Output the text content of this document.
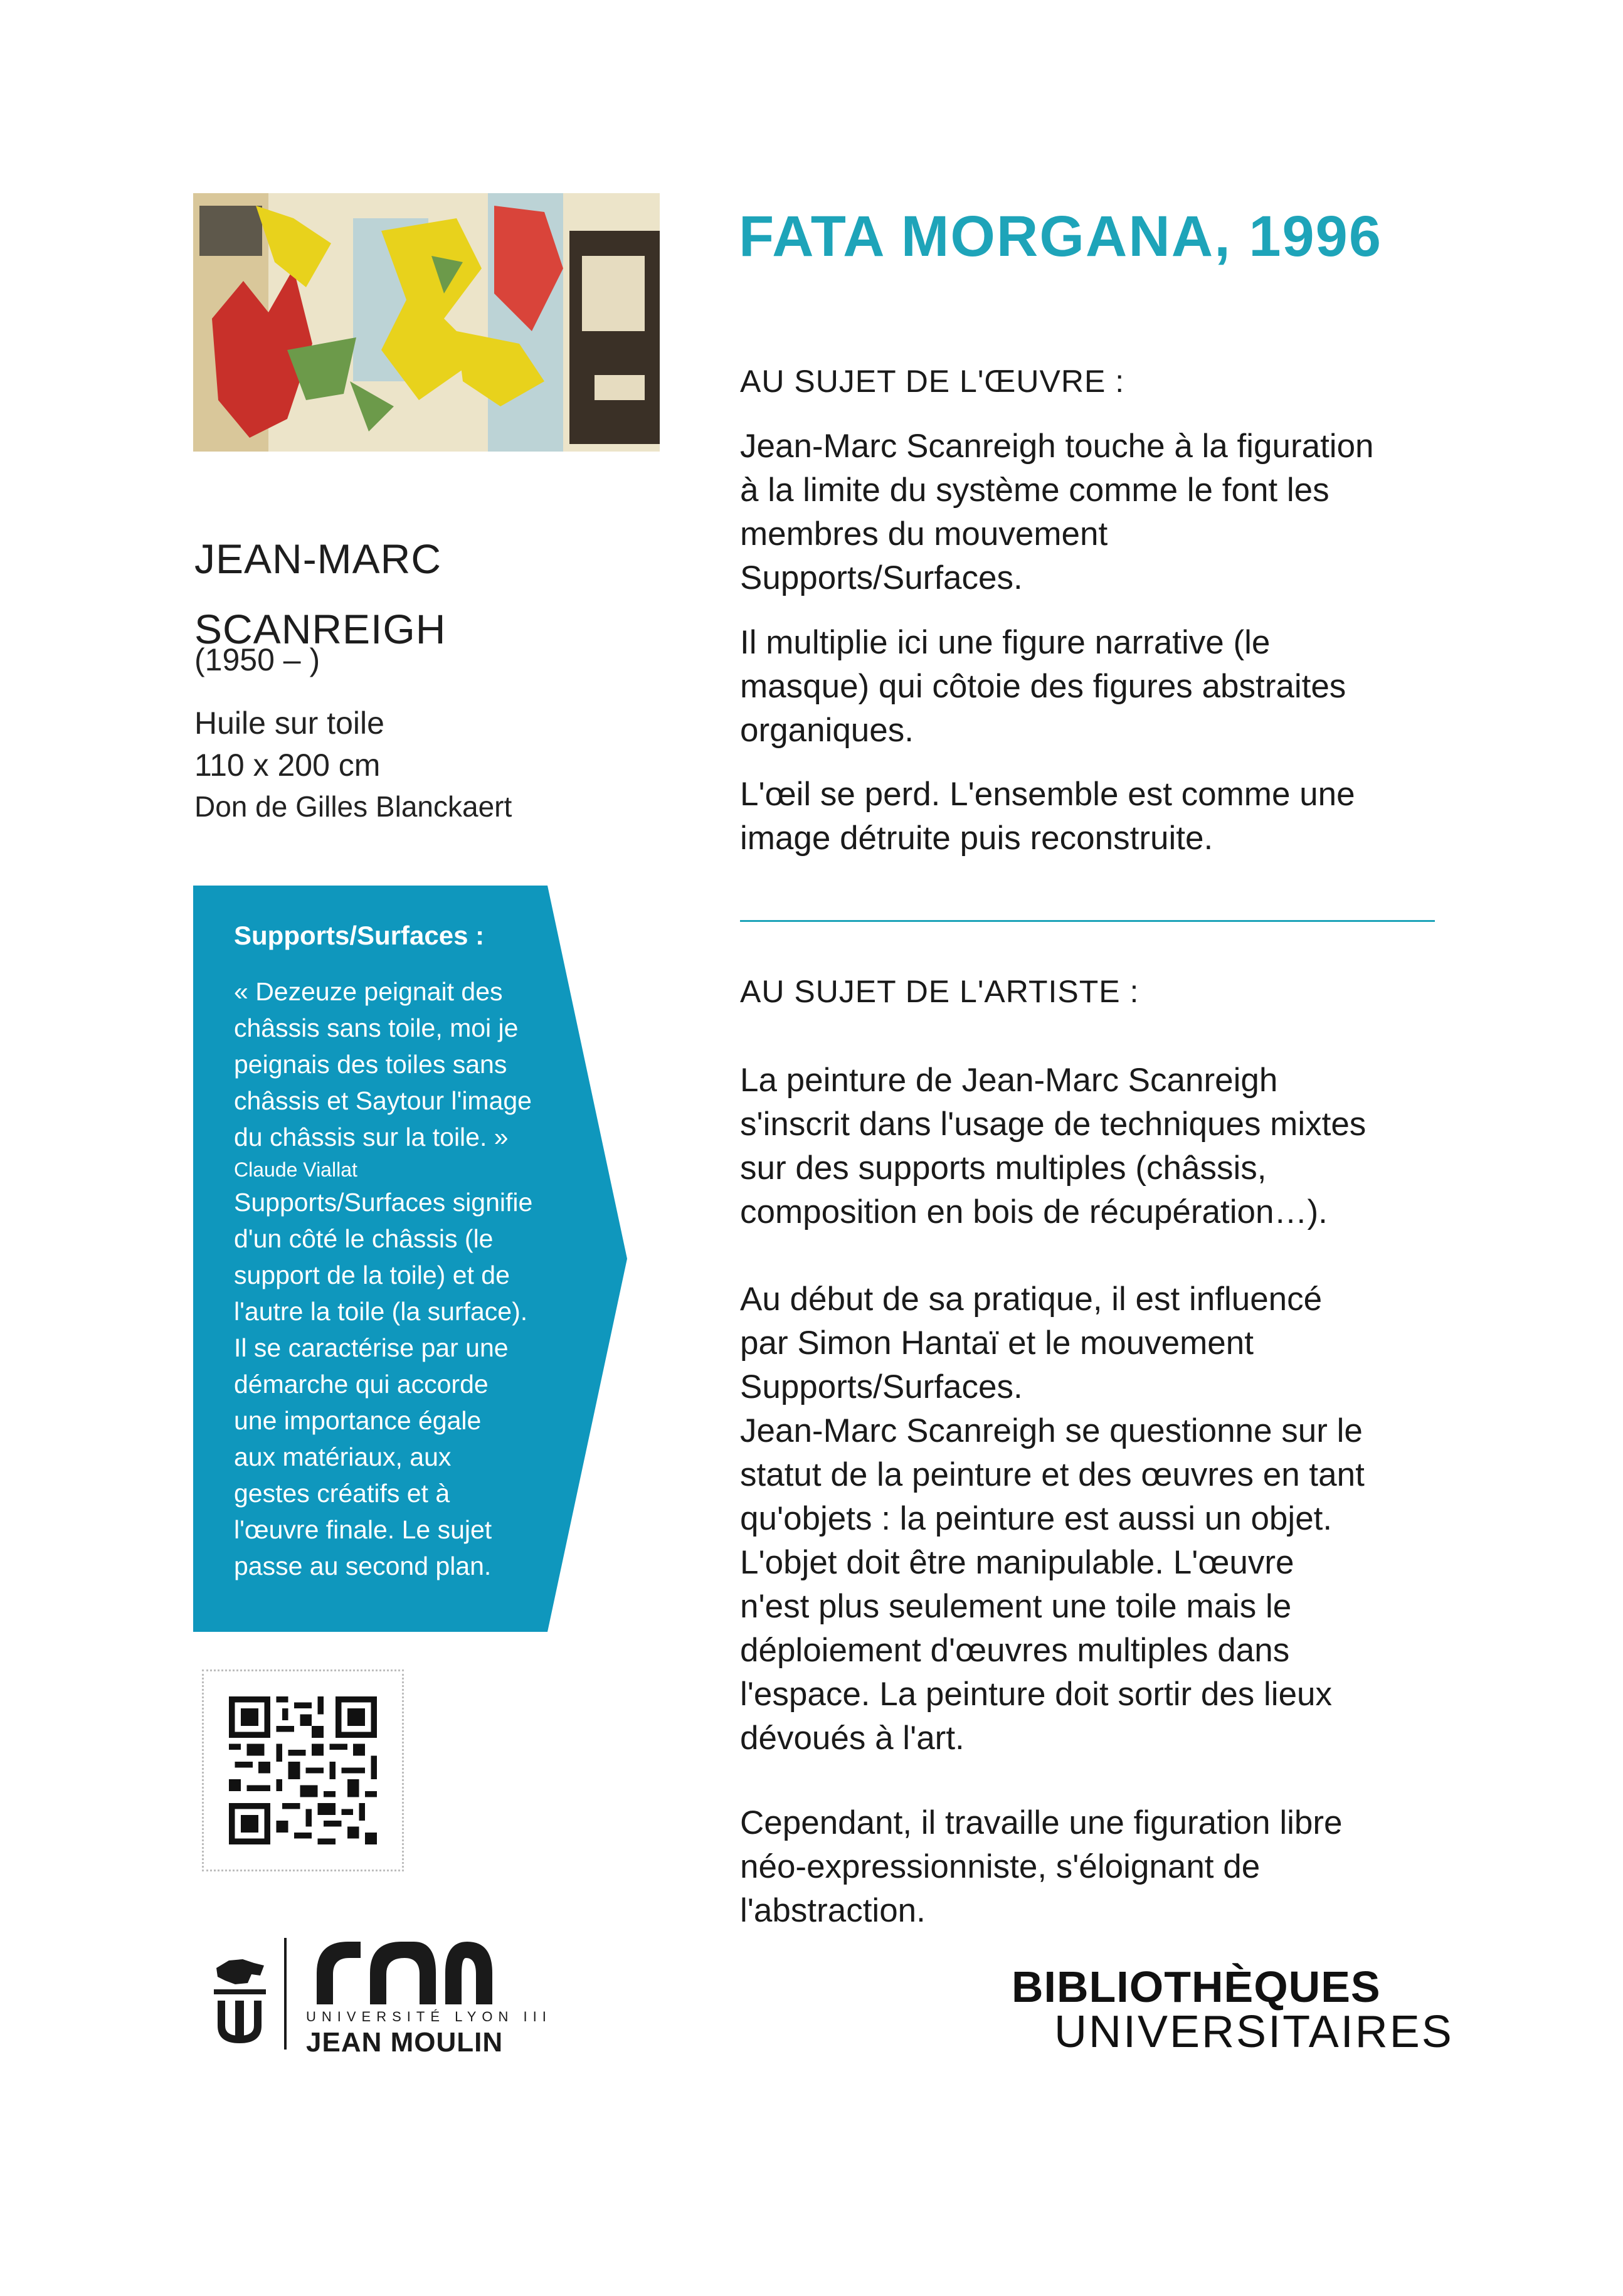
JEAN-MARC
SCANREIGH
(1950 – )
Huile sur toile
110 x 200 cm
Don de Gilles Blanckaert
Supports/Surfaces :
« Dezeuze peignait des
châssis sans toile, moi je
peignais des toiles sans
châssis et Saytour l'image
du châssis sur la toile. »
Claude Viallat
Supports/Surfaces signifie
d'un côté le châssis (le
support de la toile) et de
l'autre la toile (la surface).
Il se caractérise par une
démarche qui accorde
une importance égale
aux matériaux, aux
gestes créatifs et à
l'œuvre finale. Le sujet
passe au second plan.
UNIVERSITÉ LYON III
JEAN MOULIN
FATA MORGANA, 1996
AU SUJET DE L'ŒUVRE :
Jean-Marc Scanreigh touche à la figuration
à la limite du système comme le font les
membres du mouvement
Supports/Surfaces.
Il multiplie ici une figure narrative (le
masque) qui côtoie des figures abstraites
organiques.
L'œil se perd. L'ensemble est comme une
image détruite puis reconstruite.
AU SUJET DE L'ARTISTE :
La peinture de Jean-Marc Scanreigh
s'inscrit dans l'usage de techniques mixtes
sur des supports multiples (châssis,
composition en bois de récupération…).
Au début de sa pratique, il est influencé
par Simon Hantaï et le mouvement
Supports/Surfaces.
Jean-Marc Scanreigh se questionne sur le
statut de la peinture et des œuvres en tant
qu'objets : la peinture est aussi un objet.
L'objet doit être manipulable. L'œuvre
n'est plus seulement une toile mais le
déploiement d'œuvres multiples dans
l'espace. La peinture doit sortir des lieux
dévoués à l'art.
Cependant, il travaille une figuration libre
néo-expressionniste, s'éloignant de
l'abstraction.
BIBLIOTHÈQUES
UNIVERSITAIRES
